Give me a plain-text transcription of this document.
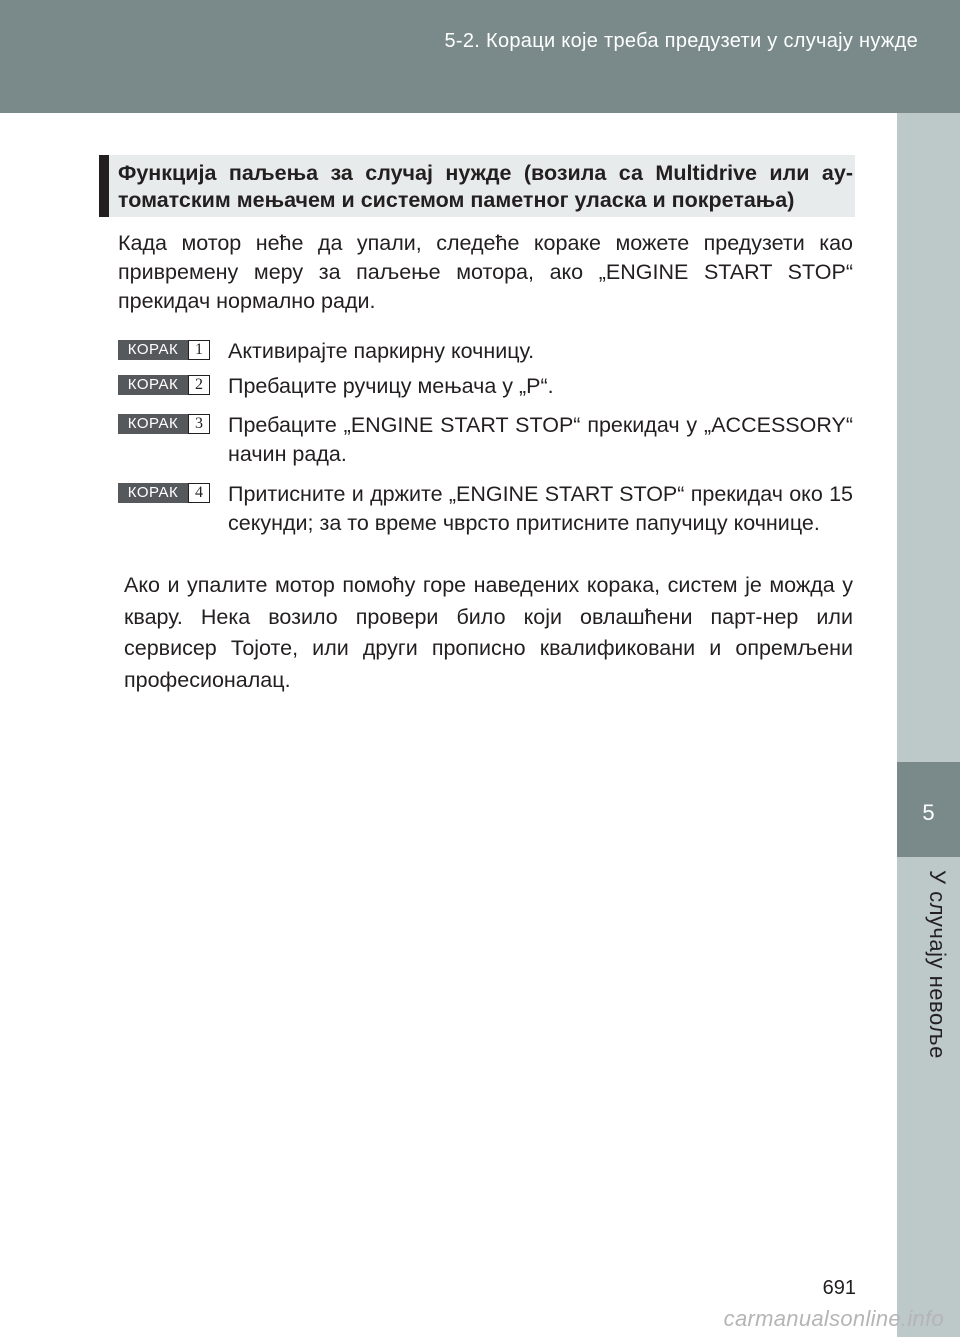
5-2. Кораци које треба предузети у случају нужде
5
У случају невоље
Функција паљења за случај нужде (возила са Multidrive или ау-томатским мењачем и системом паметног уласка и покретања)
Када мотор неће да упали, следеће кораке можете предузети као привремену меру за паљење мотора, ако „ENGINE START STOP“ прекидач нормално ради.
КОРАК	1	Активирајте паркирну кочницу.
КОРАК	2	Пребаците ручицу мењача у „P“.
КОРАК	3	Пребаците „ENGINE START STOP“ прекидач у „ACCESSORY“ начин рада.
КОРАК	4	Притисните и држите „ENGINE START STOP“ прекидач око 15 секунди; за то време чврсто притисните папучицу кочнице.
Ако и упалите мотор помоћу горе наведених корака, систем је можда у квару. Нека возило провери било који овлашћени парт-нер или сервисер Тојоте, или други прописно квалификовани и опремљени професионалац.
691
carmanualsonline.info
